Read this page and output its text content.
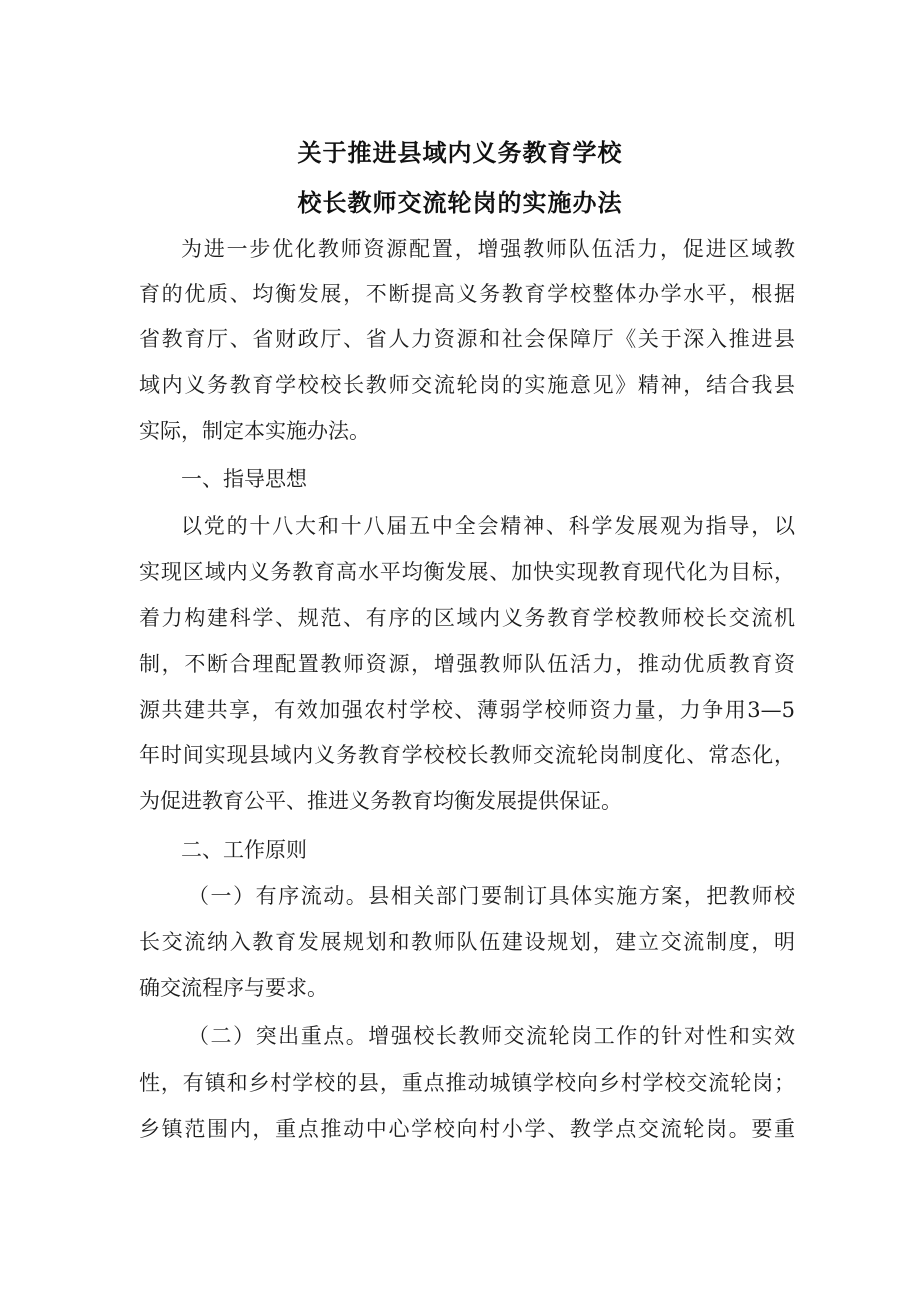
关于推进县域内义务教育学校
校长教师交流轮岗的实施办法
为进一步优化教师资源配置，增强教师队伍活力，促进区域教
育的优质、均衡发展，不断提高义务教育学校整体办学水平，根据
省教育厅、省财政厅、省人力资源和社会保障厅《关于深入推进县
域内义务教育学校校长教师交流轮岗的实施意见》精神，结合我县
实际，制定本实施办法。
一、指导思想
以党的十八大和十八届五中全会精神、科学发展观为指导，以
实现区域内义务教育高水平均衡发展、加快实现教育现代化为目标，
着力构建科学、规范、有序的区域内义务教育学校教师校长交流机
制，不断合理配置教师资源，增强教师队伍活力，推动优质教育资
源共建共享，有效加强农村学校、薄弱学校师资力量，力争用3—5
年时间实现县域内义务教育学校校长教师交流轮岗制度化、常态化，
为促进教育公平、推进义务教育均衡发展提供保证。
二、工作原则
（一）有序流动。县相关部门要制订具体实施方案，把教师校
长交流纳入教育发展规划和教师队伍建设规划，建立交流制度，明
确交流程序与要求。
（二）突出重点。增强校长教师交流轮岗工作的针对性和实效
性，有镇和乡村学校的县，重点推动城镇学校向乡村学校交流轮岗；
乡镇范围内，重点推动中心学校向村小学、教学点交流轮岗。要重
